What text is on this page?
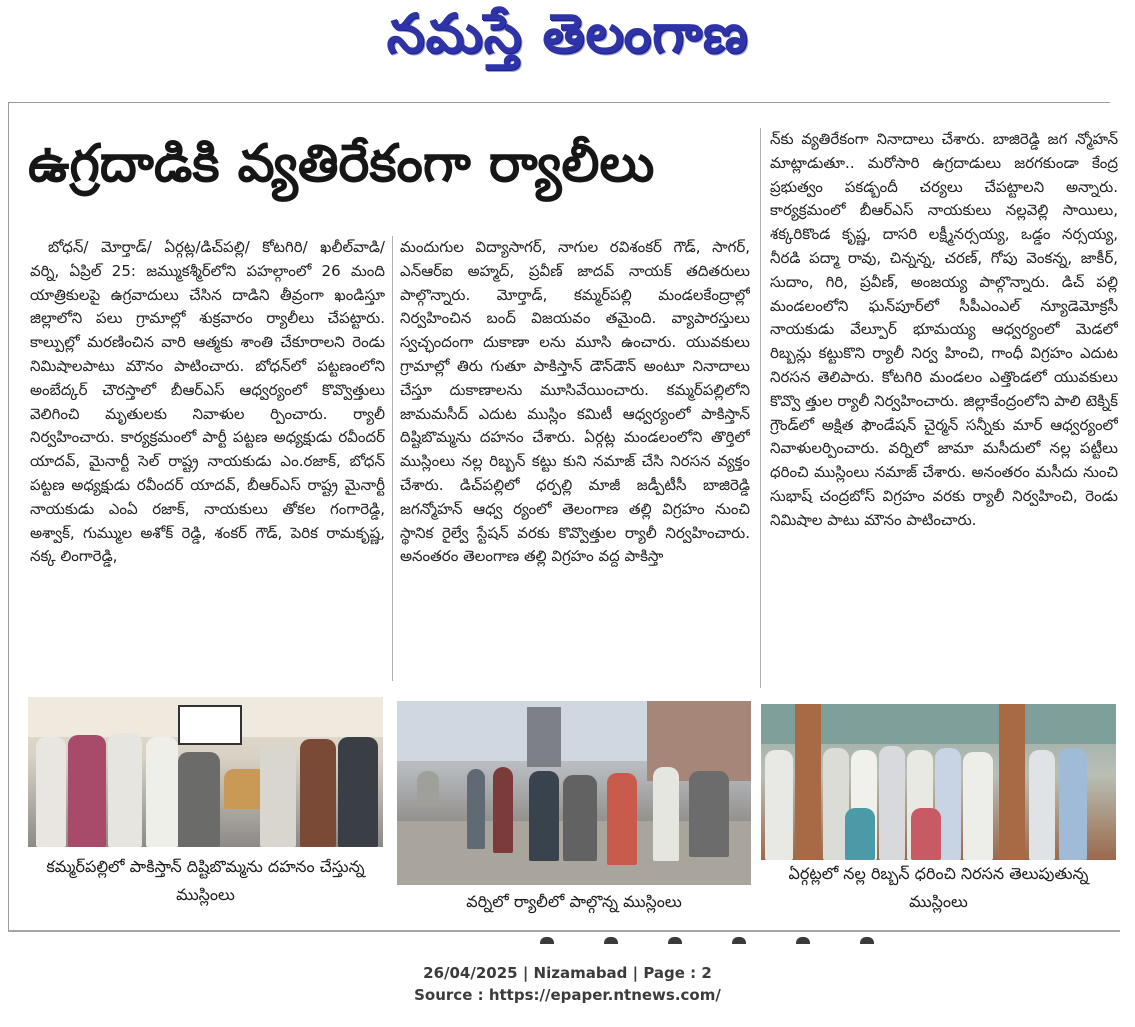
నమస్తే తెలంగాణ
ఉగ్రదాడికి వ్యతిరేకంగా ర్యాలీలు
బోధన్/ మోర్తాడ్/ ఏర్గట్ల/డిచ్‌పల్లి/ కోటగిరి/ ఖలీల్‌వాడి/ వర్ని, ఏప్రిల్ 25: జమ్ముకశ్మీర్‌లోని పహల్గాంలో 26 మంది యాత్రికులపై ఉగ్రవాదులు చేసిన దాడిని తీవ్రంగా ఖండిస్తూ జిల్లాలోని పలు గ్రామాల్లో శుక్రవారం ర్యాలీలు చేపట్టారు. కాల్పుల్లో మరణించిన వారి ఆత్మకు శాంతి చేకూరాలని రెండు నిమిషాలపాటు మౌనం పాటించారు. బోధన్‌లో పట్టణంలోని అంబేద్కర్ చౌరస్తాలో బీఆర్ఎస్ ఆధ్వర్యంలో కొవ్వొత్తులు వెలిగించి మృతులకు నివాళుల ర్పించారు. ర్యాలీ నిర్వహించారు. కార్యక్రమంలో పార్టీ పట్టణ అధ్యక్షుడు రవీందర్ యాదవ్, మైనార్టీ సెల్ రాష్ట్ర నాయకుడు ఎం.రజాక్, బోధన్ పట్టణ అధ్యక్షుడు రవీందర్ యాదవ్, బీఆర్ఎస్ రాష్ట్ర మైనార్టీ నాయకుడు ఎంఏ రజాక్, నాయకులు తోకల గంగారెడ్డి, అశ్వాక్, గుమ్ముల అశోక్ రెడ్డి, శంకర్ గౌడ్, పెరిక రామకృష్ణ, నక్క లింగారెడ్డి,
మందుగుల విద్యాసాగర్, నాగుల రవిశంకర్ గౌడ్, సాగర్, ఎన్ఆర్ఐ అహ్మద్, ప్రవీణ్ జాదవ్ నాయక్ తదితరులు పాల్గొన్నారు. మోర్తాడ్, కమ్మర్‌పల్లి మండలకేంద్రాల్లో నిర్వహించిన బంద్ విజయవం తమైంది. వ్యాపారస్తులు స్వచ్ఛందంగా దుకాణా లను మూసి ఉంచారు. యువకులు గ్రామాల్లో తిరు గుతూ పాకిస్తాన్ డౌన్‌డౌన్ అంటూ నినాదాలు చేస్తూ దుకాణాలను మూసివేయించారు. కమ్మర్‌పల్లిలోని జామమసీద్ ఎదుట ముస్లిం కమిటీ ఆధ్వర్యంలో పాకిస్తాన్ దిష్టిబొమ్మను దహనం చేశారు. ఏర్గట్ల మండలంలోని తొర్తిలో ముస్లింలు నల్ల రిబ్బన్ కట్టు కుని నమాజ్ చేసి నిరసన వ్యక్తం చేశారు. డిచ్‌పల్లిలో ధర్పల్లి మాజీ జడ్పీటీసీ బాజిరెడ్డి జగన్మోహన్ ఆధ్వ ర్యంలో తెలంగాణ తల్లి విగ్రహం నుంచి స్థానిక రైల్వే స్టేషన్ వరకు కొవ్వొత్తుల ర్యాలీ నిర్వహించారు. అనంతరం తెలంగాణ తల్లి విగ్రహం వద్ద పాకిస్తా
న్‌కు వ్యతిరేకంగా నినాదాలు చేశారు. బాజిరెడ్డి జగ న్మోహన్ మాట్లాడుతూ.. మరోసారి ఉగ్రదాడులు జరగకుండా కేంద్ర ప్రభుత్వం పకడ్బందీ చర్యలు చేపట్టాలని అన్నారు. కార్యక్రమంలో బీఆర్ఎస్ నాయకులు నల్లవెల్లి సాయిలు, శక్కరికొండ కృష్ణ, దాసరి లక్ష్మీనర్సయ్య, ఒడ్డం నర్సయ్య, నీరడి పద్మా రావు, చిన్నన్న, చరణ్, గోపు వెంకన్న, జాకీర్, సుదాం, గిరి, ప్రవీణ్, అంజయ్య పాల్గొన్నారు. డిచ్ పల్లి మండలంలోని ఘన్‌పూర్‌లో సీపీఎంఎల్ న్యూడెమోక్రసీ నాయకుడు వేల్పూర్ భూమయ్య ఆధ్వర్యంలో మెడలో రిబ్బన్లు కట్టుకొని ర్యాలీ నిర్వ హించి, గాంధీ విగ్రహం ఎదుట నిరసన తెలిపారు. కోటగిరి మండలం ఎత్తొండలో యువకులు కొవ్వొ త్తుల ర్యాలీ నిర్వహించారు. జిల్లాకేంద్రంలోని పాలి టెక్నిక్ గ్రౌండ్‌లో అక్షిత ఫౌండేషన్ చైర్మన్ సన్నీకు మార్ ఆధ్వర్యంలో నివాళులర్పించారు. వర్నిలో జామా మసీదులో నల్ల పట్టీలు ధరించి ముస్లింలు నమాజ్ చేశారు. అనంతరం మసీదు నుంచి సుభాష్ చంద్రబోస్ విగ్రహం వరకు ర్యాలీ నిర్వహించి, రెండు నిమిషాల పాటు మౌనం పాటించారు.
కమ్మర్‌పల్లిలో పాకిస్తాన్ దిష్టిబొమ్మను దహనం చేస్తున్న ముస్లింలు	వర్నిలో ర్యాలీలో పాల్గొన్న ముస్లింలు
ఏర్గట్లలో నల్ల రిబ్బన్ ధరించి నిరసన తెలుపుతున్న ముస్లింలు
26/04/2025 | Nizamabad | Page : 2
Source : https://epaper.ntnews.com/
